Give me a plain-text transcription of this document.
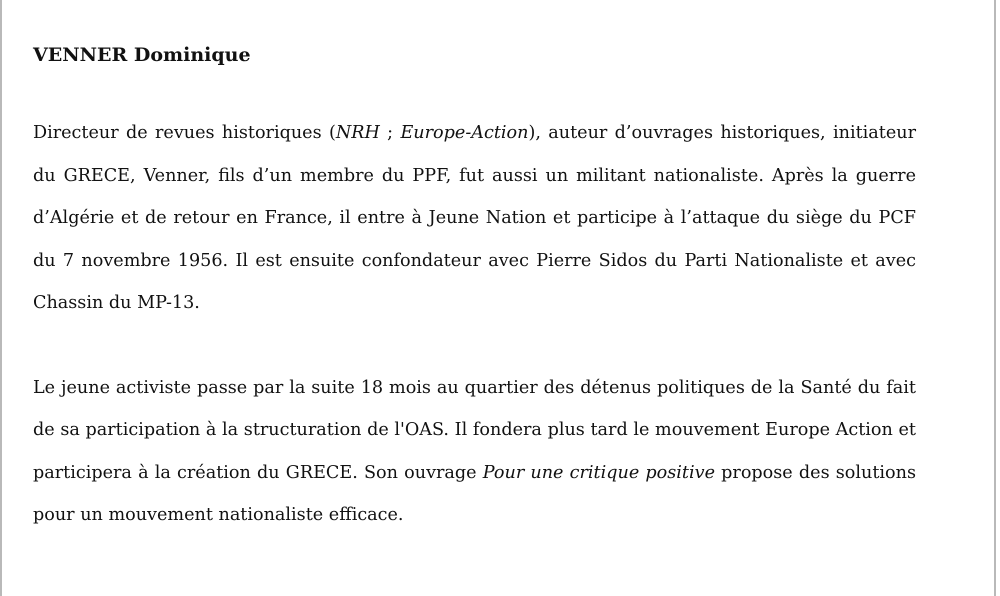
VENNER Dominique

Directeur de revues historiques (NRH ; Europe-Action), auteur d’ouvrages historiques, initiateur du GRECE, Venner, fils d’un membre du PPF, fut aussi un militant nationaliste. Après la guerre d’Algérie et de retour en France, il entre à Jeune Nation et participe à l’attaque du siège du PCF du 7 novembre 1956. Il est ensuite confondateur avec Pierre Sidos du Parti Nationaliste et avec Chassin du MP-13.

Le jeune activiste passe par la suite 18 mois au quartier des détenus politiques de la Santé du fait de sa participation à la structuration de l'OAS. Il fondera plus tard le mouvement Europe Action et participera à la création du GRECE. Son ouvrage Pour une critique positive propose des solutions pour un mouvement nationaliste efficace.
